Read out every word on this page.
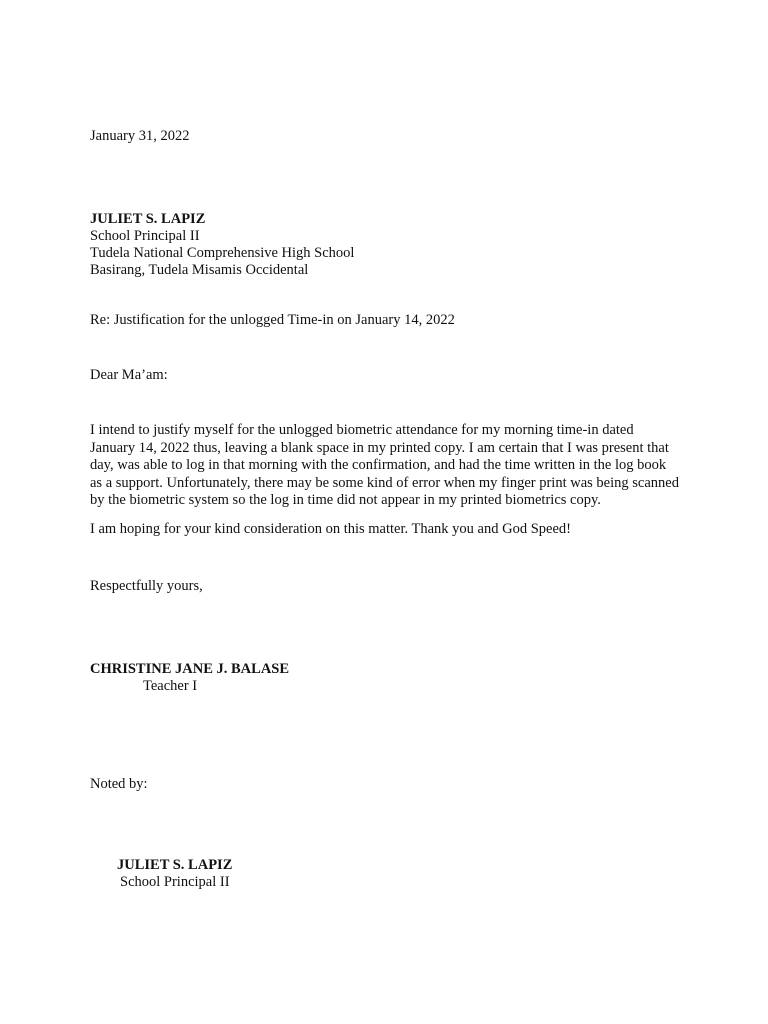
January 31, 2022

JULIET S. LAPIZ

School Principal II

Tudela National Comprehensive High School

Basirang, Tudela Misamis Occidental

Re: Justification for the unlogged Time-in on January 14, 2022

Dear Ma’am:

I intend to justify myself for the unlogged biometric attendance for my morning time-in dated January 14, 2022 thus, leaving a blank space in my printed copy. I am certain that I was present that day, was able to log in that morning with the confirmation, and had the time written in the log book as a support. Unfortunately, there may be some kind of error when my finger print was being scanned by the biometric system so the log in time did not appear in my printed biometrics copy.

I am hoping for your kind consideration on this matter. Thank you and God Speed!

Respectfully yours,

CHRISTINE JANE J. BALASE

Teacher I

Noted by:

JULIET S. LAPIZ

School Principal II
